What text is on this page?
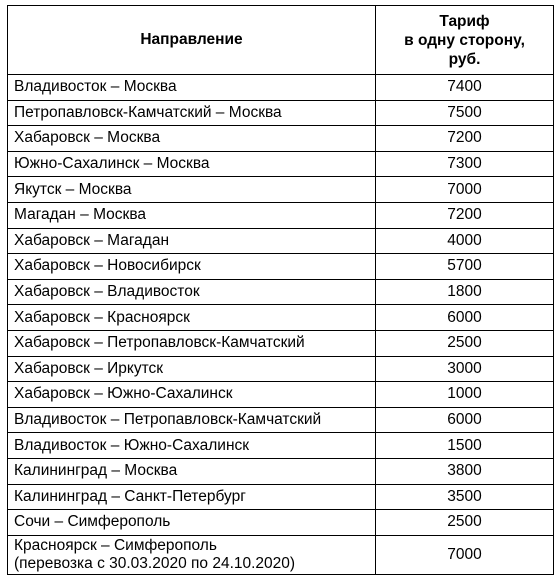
Направление	Тариф
в одну сторону,
руб.

Владивосток – Москва	7400

Петропавловск-Камчатский – Москва	7500

Хабаровск – Москва	7200

Южно-Сахалинск – Москва	7300

Якутск – Москва	7000

Магадан – Москва	7200

Хабаровск – Магадан	4000

Хабаровск – Новосибирск	5700

Хабаровск – Владивосток	1800

Хабаровск – Красноярск	6000

Хабаровск – Петропавловск-Камчатский	2500

Хабаровск – Иркутск	3000

Хабаровск – Южно-Сахалинск	1000

Владивосток – Петропавловск-Камчатский	6000

Владивосток – Южно-Сахалинск	1500

Калининград – Москва	3800

Калининград – Санкт-Петербург	3500

Сочи – Симферополь	2500

Красноярск – Симферополь
(перевозка с 30.03.2020 по 24.10.2020)	7000
